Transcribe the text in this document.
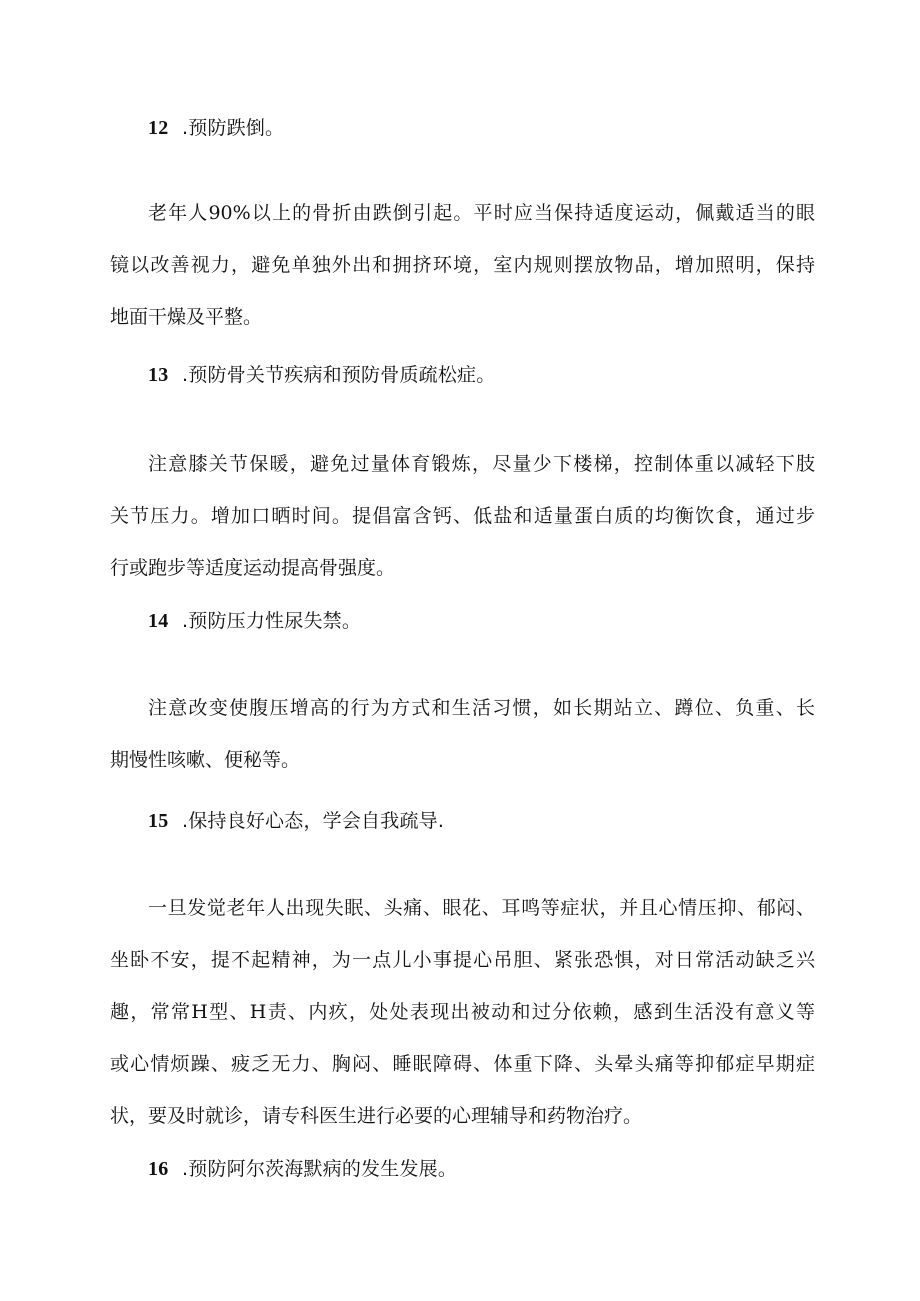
12 .预防跌倒。
老年人90%以上的骨折由跌倒引起。平时应当保持适度运动，佩戴适当的眼
镜以改善视力，避免单独外出和拥挤环境，室内规则摆放物品，增加照明，保持
地面干燥及平整。
13 .预防骨关节疾病和预防骨质疏松症。
注意膝关节保暖，避免过量体育锻炼，尽量少下楼梯，控制体重以减轻下肢
关节压力。增加口晒时间。提倡富含钙、低盐和适量蛋白质的均衡饮食，通过步
行或跑步等适度运动提高骨强度。
14 .预防压力性尿失禁。
注意改变使腹压增高的行为方式和生活习惯，如长期站立、蹲位、负重、长
期慢性咳嗽、便秘等。
15 .保持良好心态，学会自我疏导.
一旦发觉老年人出现失眠、头痛、眼花、耳鸣等症状，并且心情压抑、郁闷、
坐卧不安，提不起精神，为一点儿小事提心吊胆、紧张恐惧，对日常活动缺乏兴
趣，常常H型、H责、内疚，处处表现出被动和过分依赖，感到生活没有意义等
或心情烦躁、疲乏无力、胸闷、睡眠障碍、体重下降、头晕头痛等抑郁症早期症
状，要及时就诊，请专科医生进行必要的心理辅导和药物治疗。
16 .预防阿尔茨海默病的发生发展。
